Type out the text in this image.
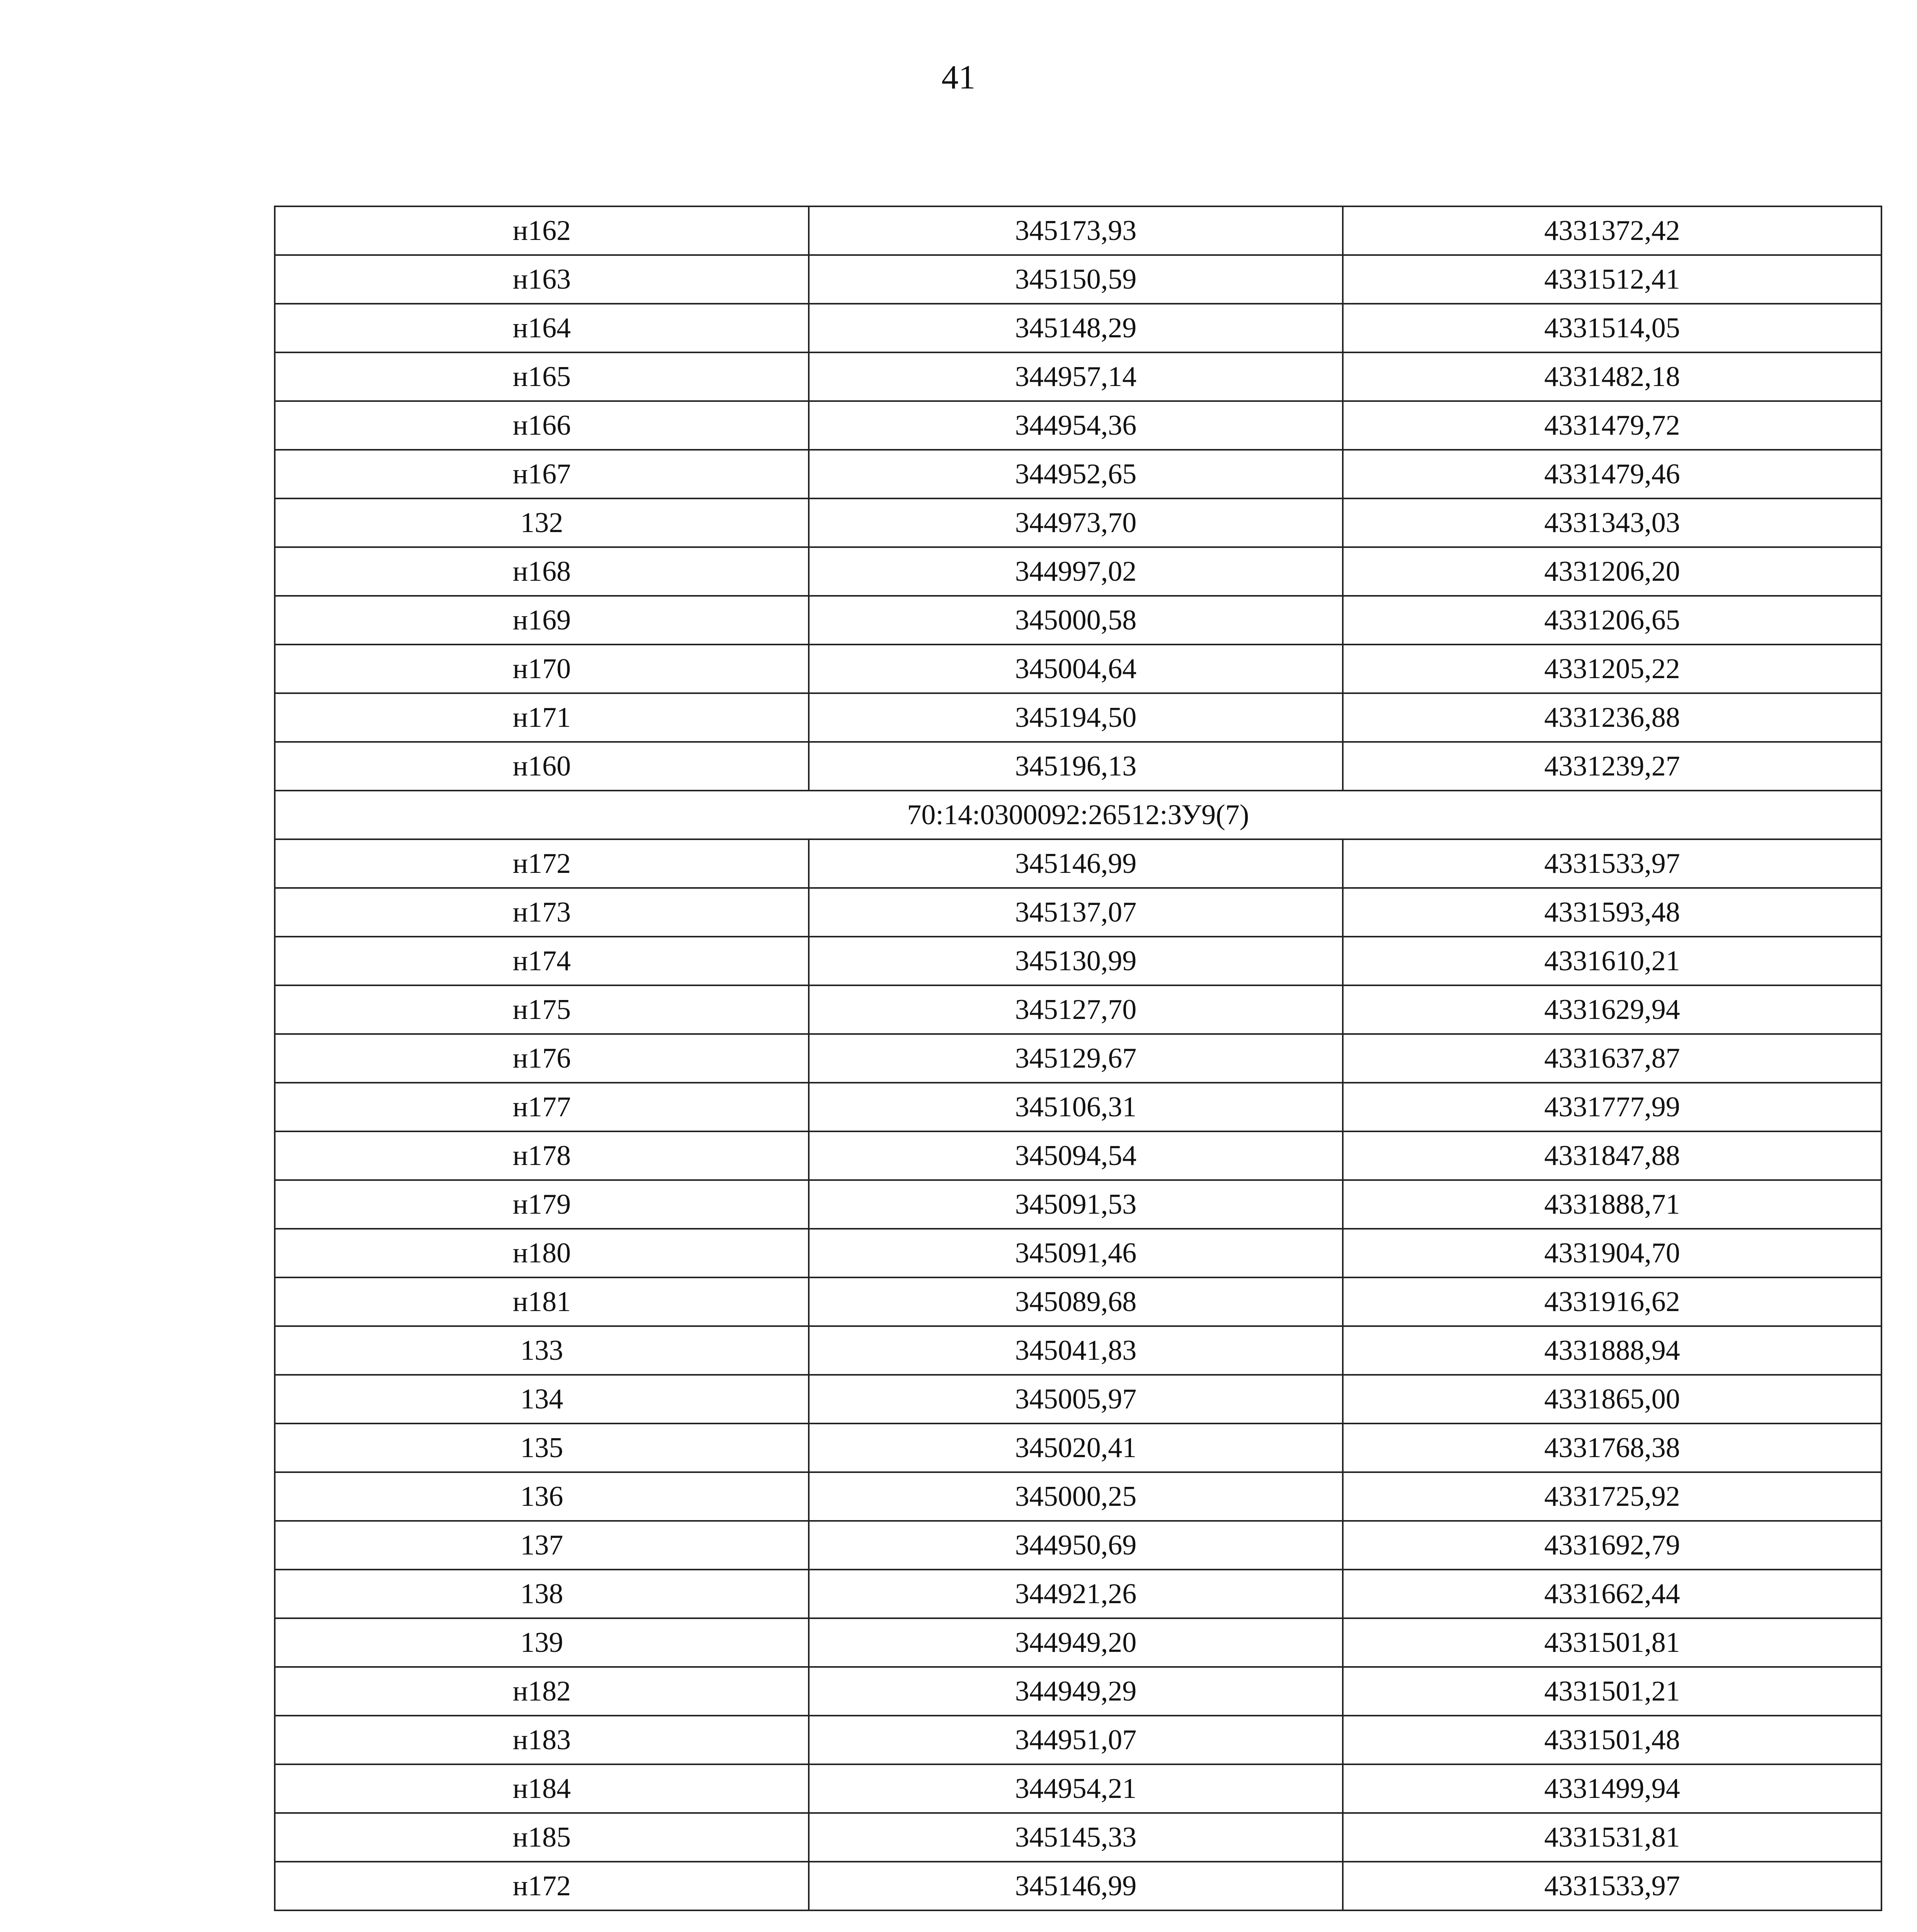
41
н162	345173,93	4331372,42
н163	345150,59	4331512,41
н164	345148,29	4331514,05
н165	344957,14	4331482,18
н166	344954,36	4331479,72
н167	344952,65	4331479,46
132	344973,70	4331343,03
н168	344997,02	4331206,20
н169	345000,58	4331206,65
н170	345004,64	4331205,22
н171	345194,50	4331236,88
н160	345196,13	4331239,27
70:14:0300092:26512:ЗУ9(7)		
н172	345146,99	4331533,97
н173	345137,07	4331593,48
н174	345130,99	4331610,21
н175	345127,70	4331629,94
н176	345129,67	4331637,87
н177	345106,31	4331777,99
н178	345094,54	4331847,88
н179	345091,53	4331888,71
н180	345091,46	4331904,70
н181	345089,68	4331916,62
133	345041,83	4331888,94
134	345005,97	4331865,00
135	345020,41	4331768,38
136	345000,25	4331725,92
137	344950,69	4331692,79
138	344921,26	4331662,44
139	344949,20	4331501,81
н182	344949,29	4331501,21
н183	344951,07	4331501,48
н184	344954,21	4331499,94
н185	345145,33	4331531,81
н172	345146,99	4331533,97
